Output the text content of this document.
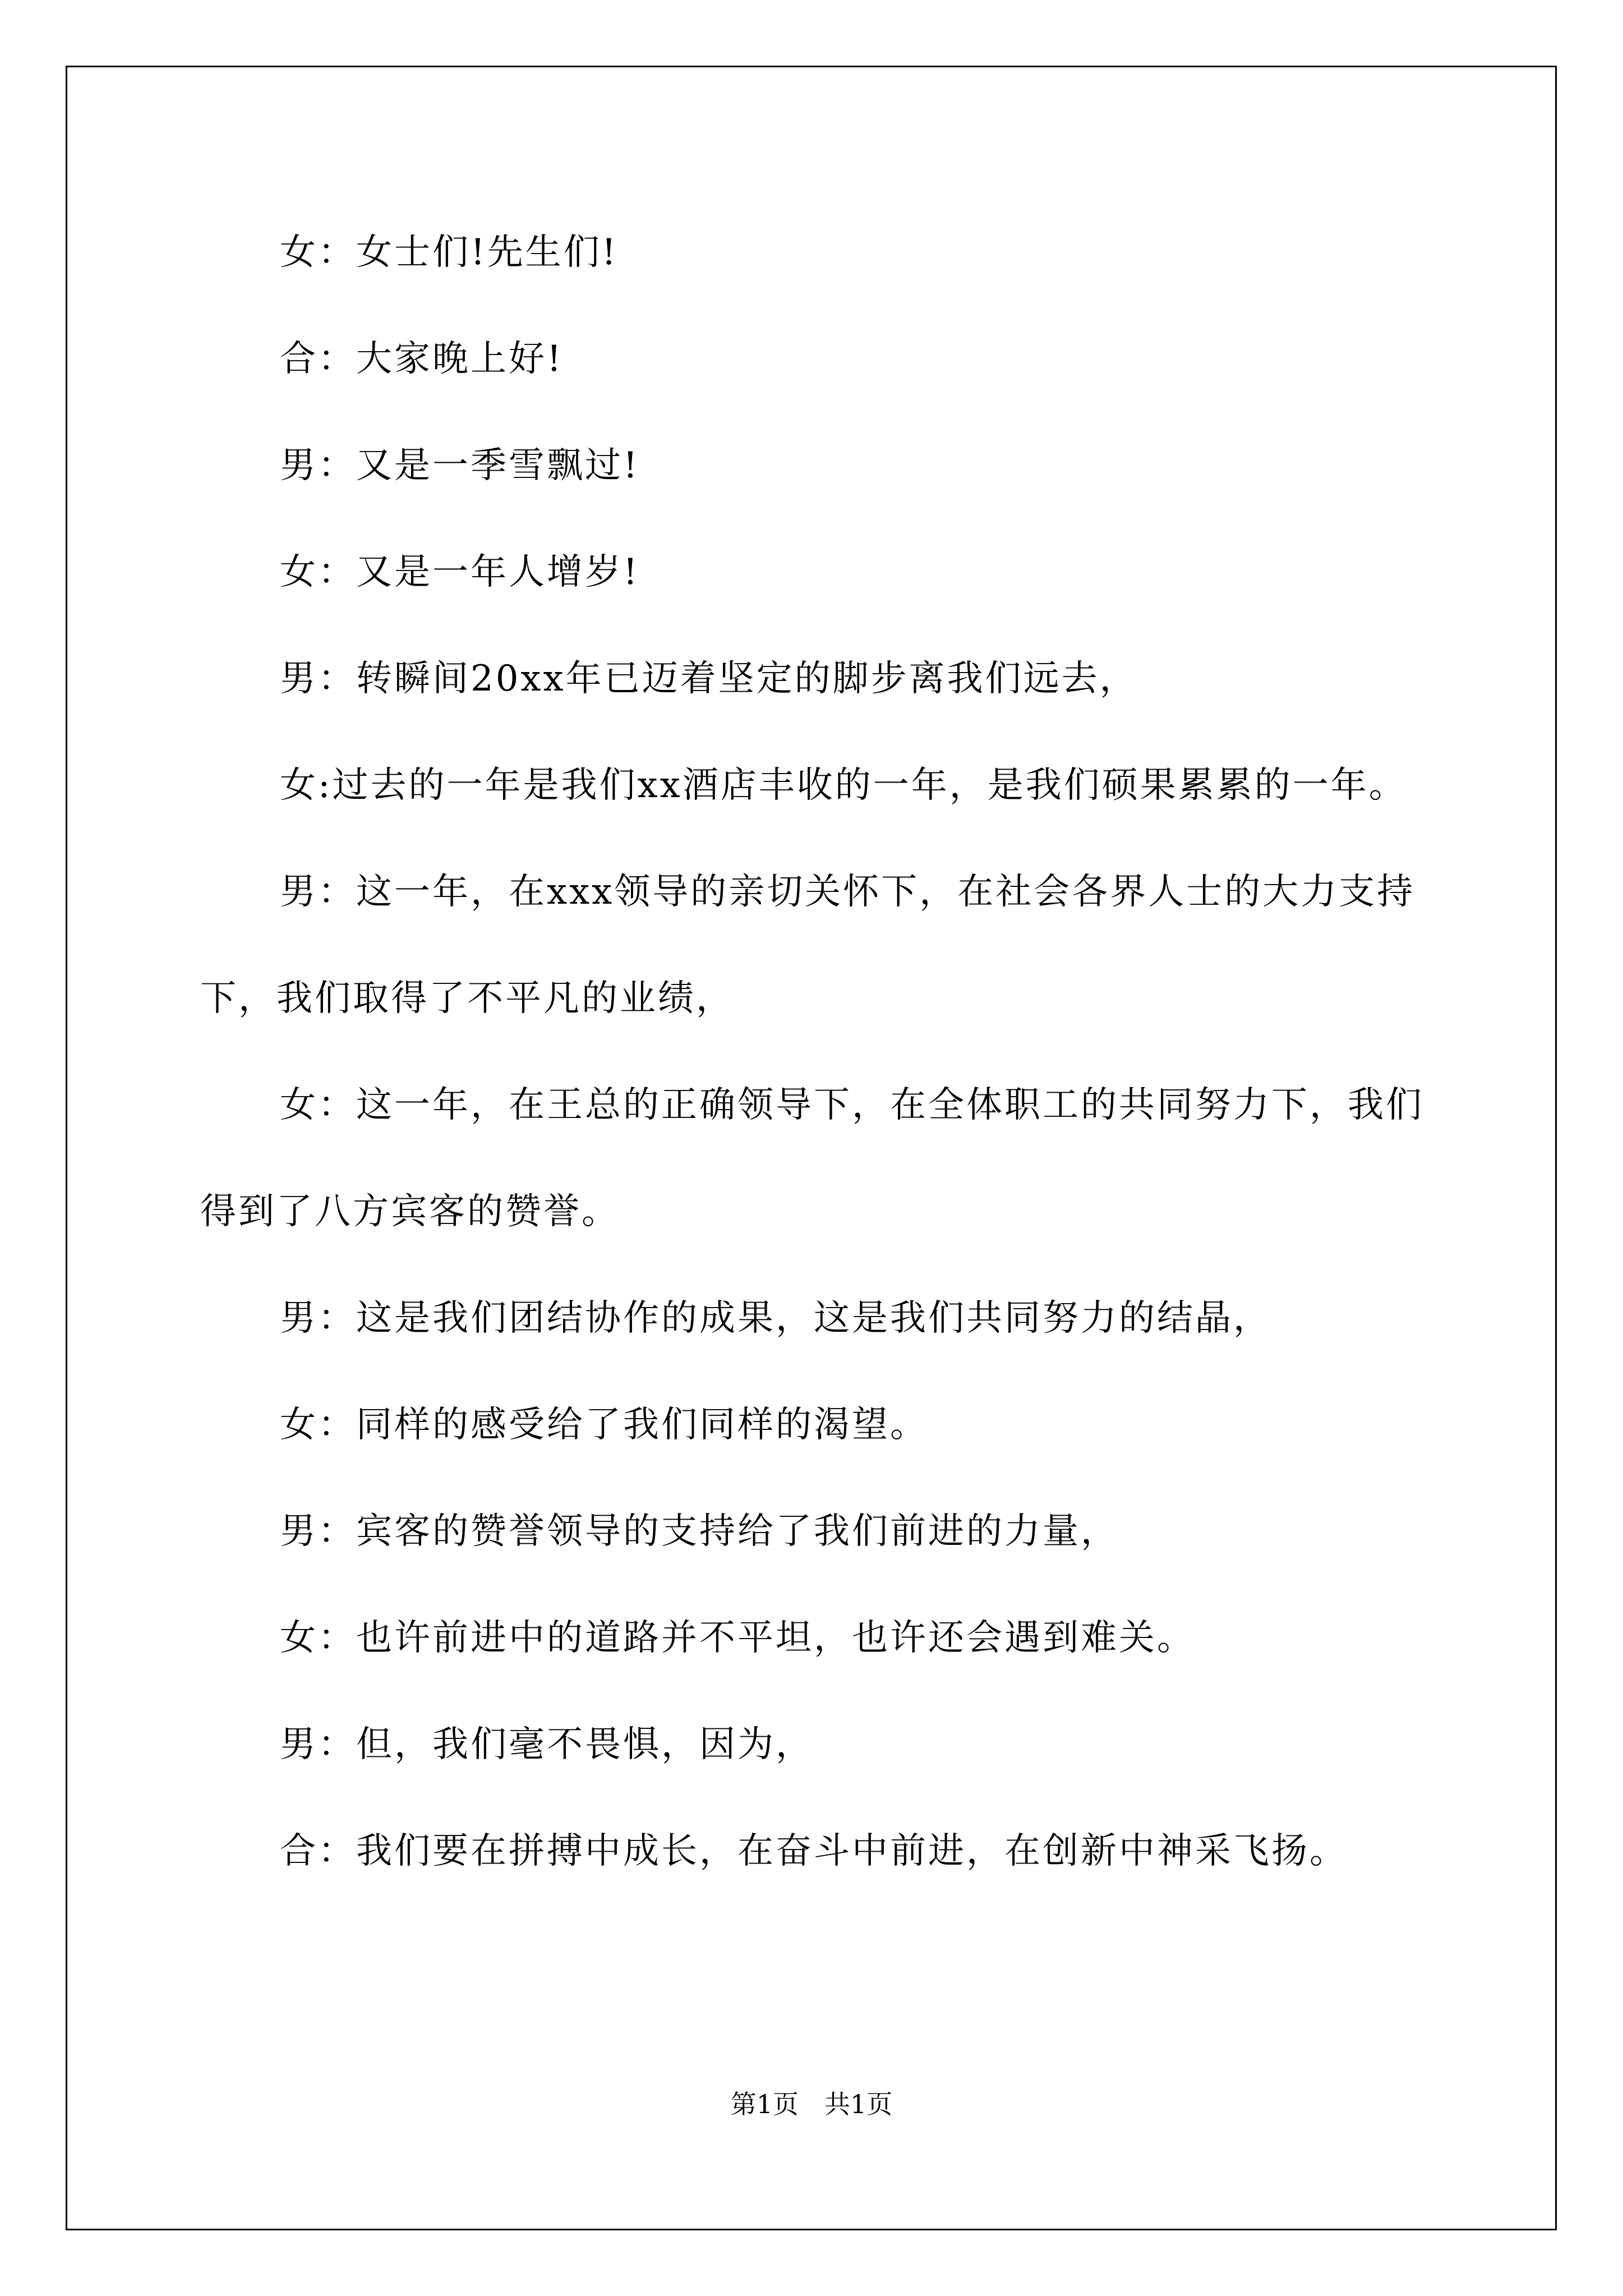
女：女士们!先生们!

合：大家晚上好!

男：又是一季雪飘过!

女：又是一年人增岁!

男：转瞬间20xx年已迈着坚定的脚步离我们远去，

女:过去的一年是我们xx酒店丰收的一年，是我们硕果累累的一年。

男：这一年，在xxx领导的亲切关怀下，在社会各界人士的大力支持下，我们取得了不平凡的业绩，

女：这一年，在王总的正确领导下，在全体职工的共同努力下，我们得到了八方宾客的赞誉。

男：这是我们团结协作的成果，这是我们共同努力的结晶，

女：同样的感受给了我们同样的渴望。

男：宾客的赞誉领导的支持给了我们前进的力量，

女：也许前进中的道路并不平坦，也许还会遇到难关。

男：但，我们毫不畏惧，因为，

合：我们要在拼搏中成长，在奋斗中前进，在创新中神采飞扬。

第1页　共1页
